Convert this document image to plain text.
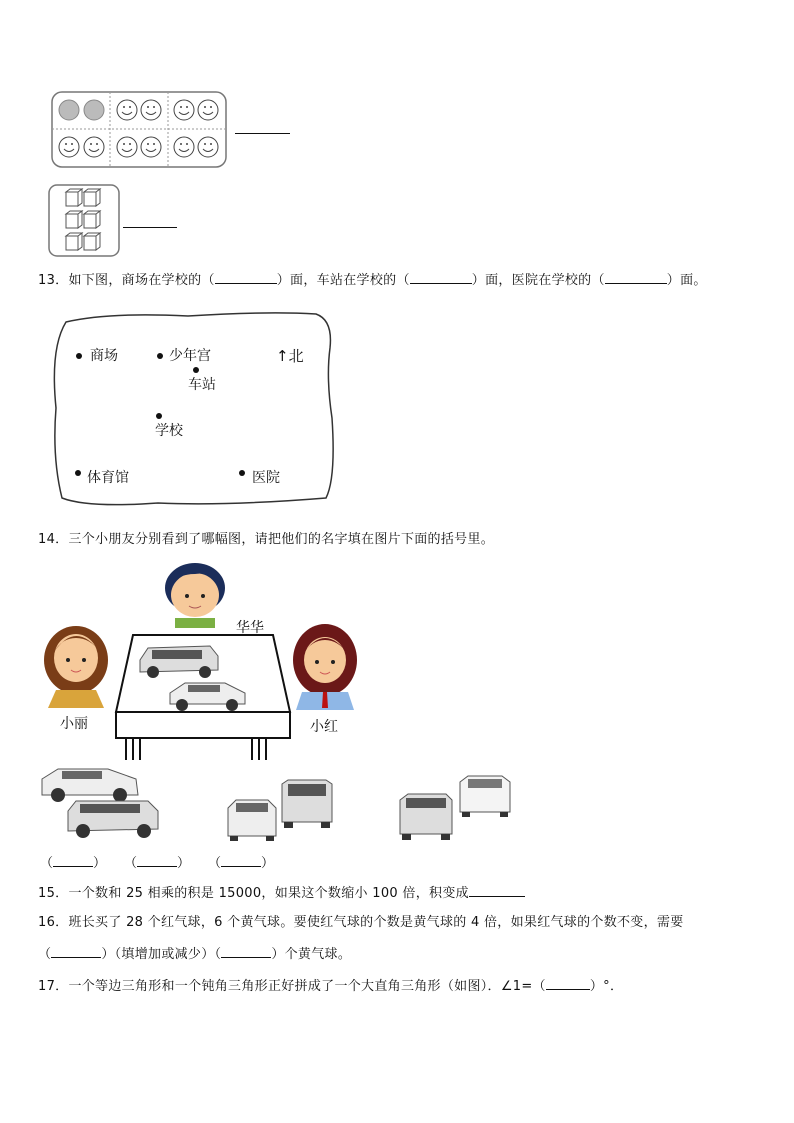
13．如下图，商场在学校的（	）面，车站在学校的（	）面，医院在学校的（	）面。
商场	少年宫
车站
↑北
学校
体育馆	医院
14．三个小朋友分别看到了哪幅图，请把他们的名字填在图片下面的括号里。
华华
小丽	小红
（	） （	） （	）
15．一个数和 25 相乘的积是 15000，如果这个数缩小 100 倍，积变成
16．班长买了 28 个红气球，6 个黄气球。要使红气球的个数是黄气球的 4 倍，如果红气球的个数不变，需要
（	）（填增加或减少）（	）个黄气球。
17．一个等边三角形和一个钝角三角形正好拼成了一个大直角三角形（如图）．∠1=（	）°．
